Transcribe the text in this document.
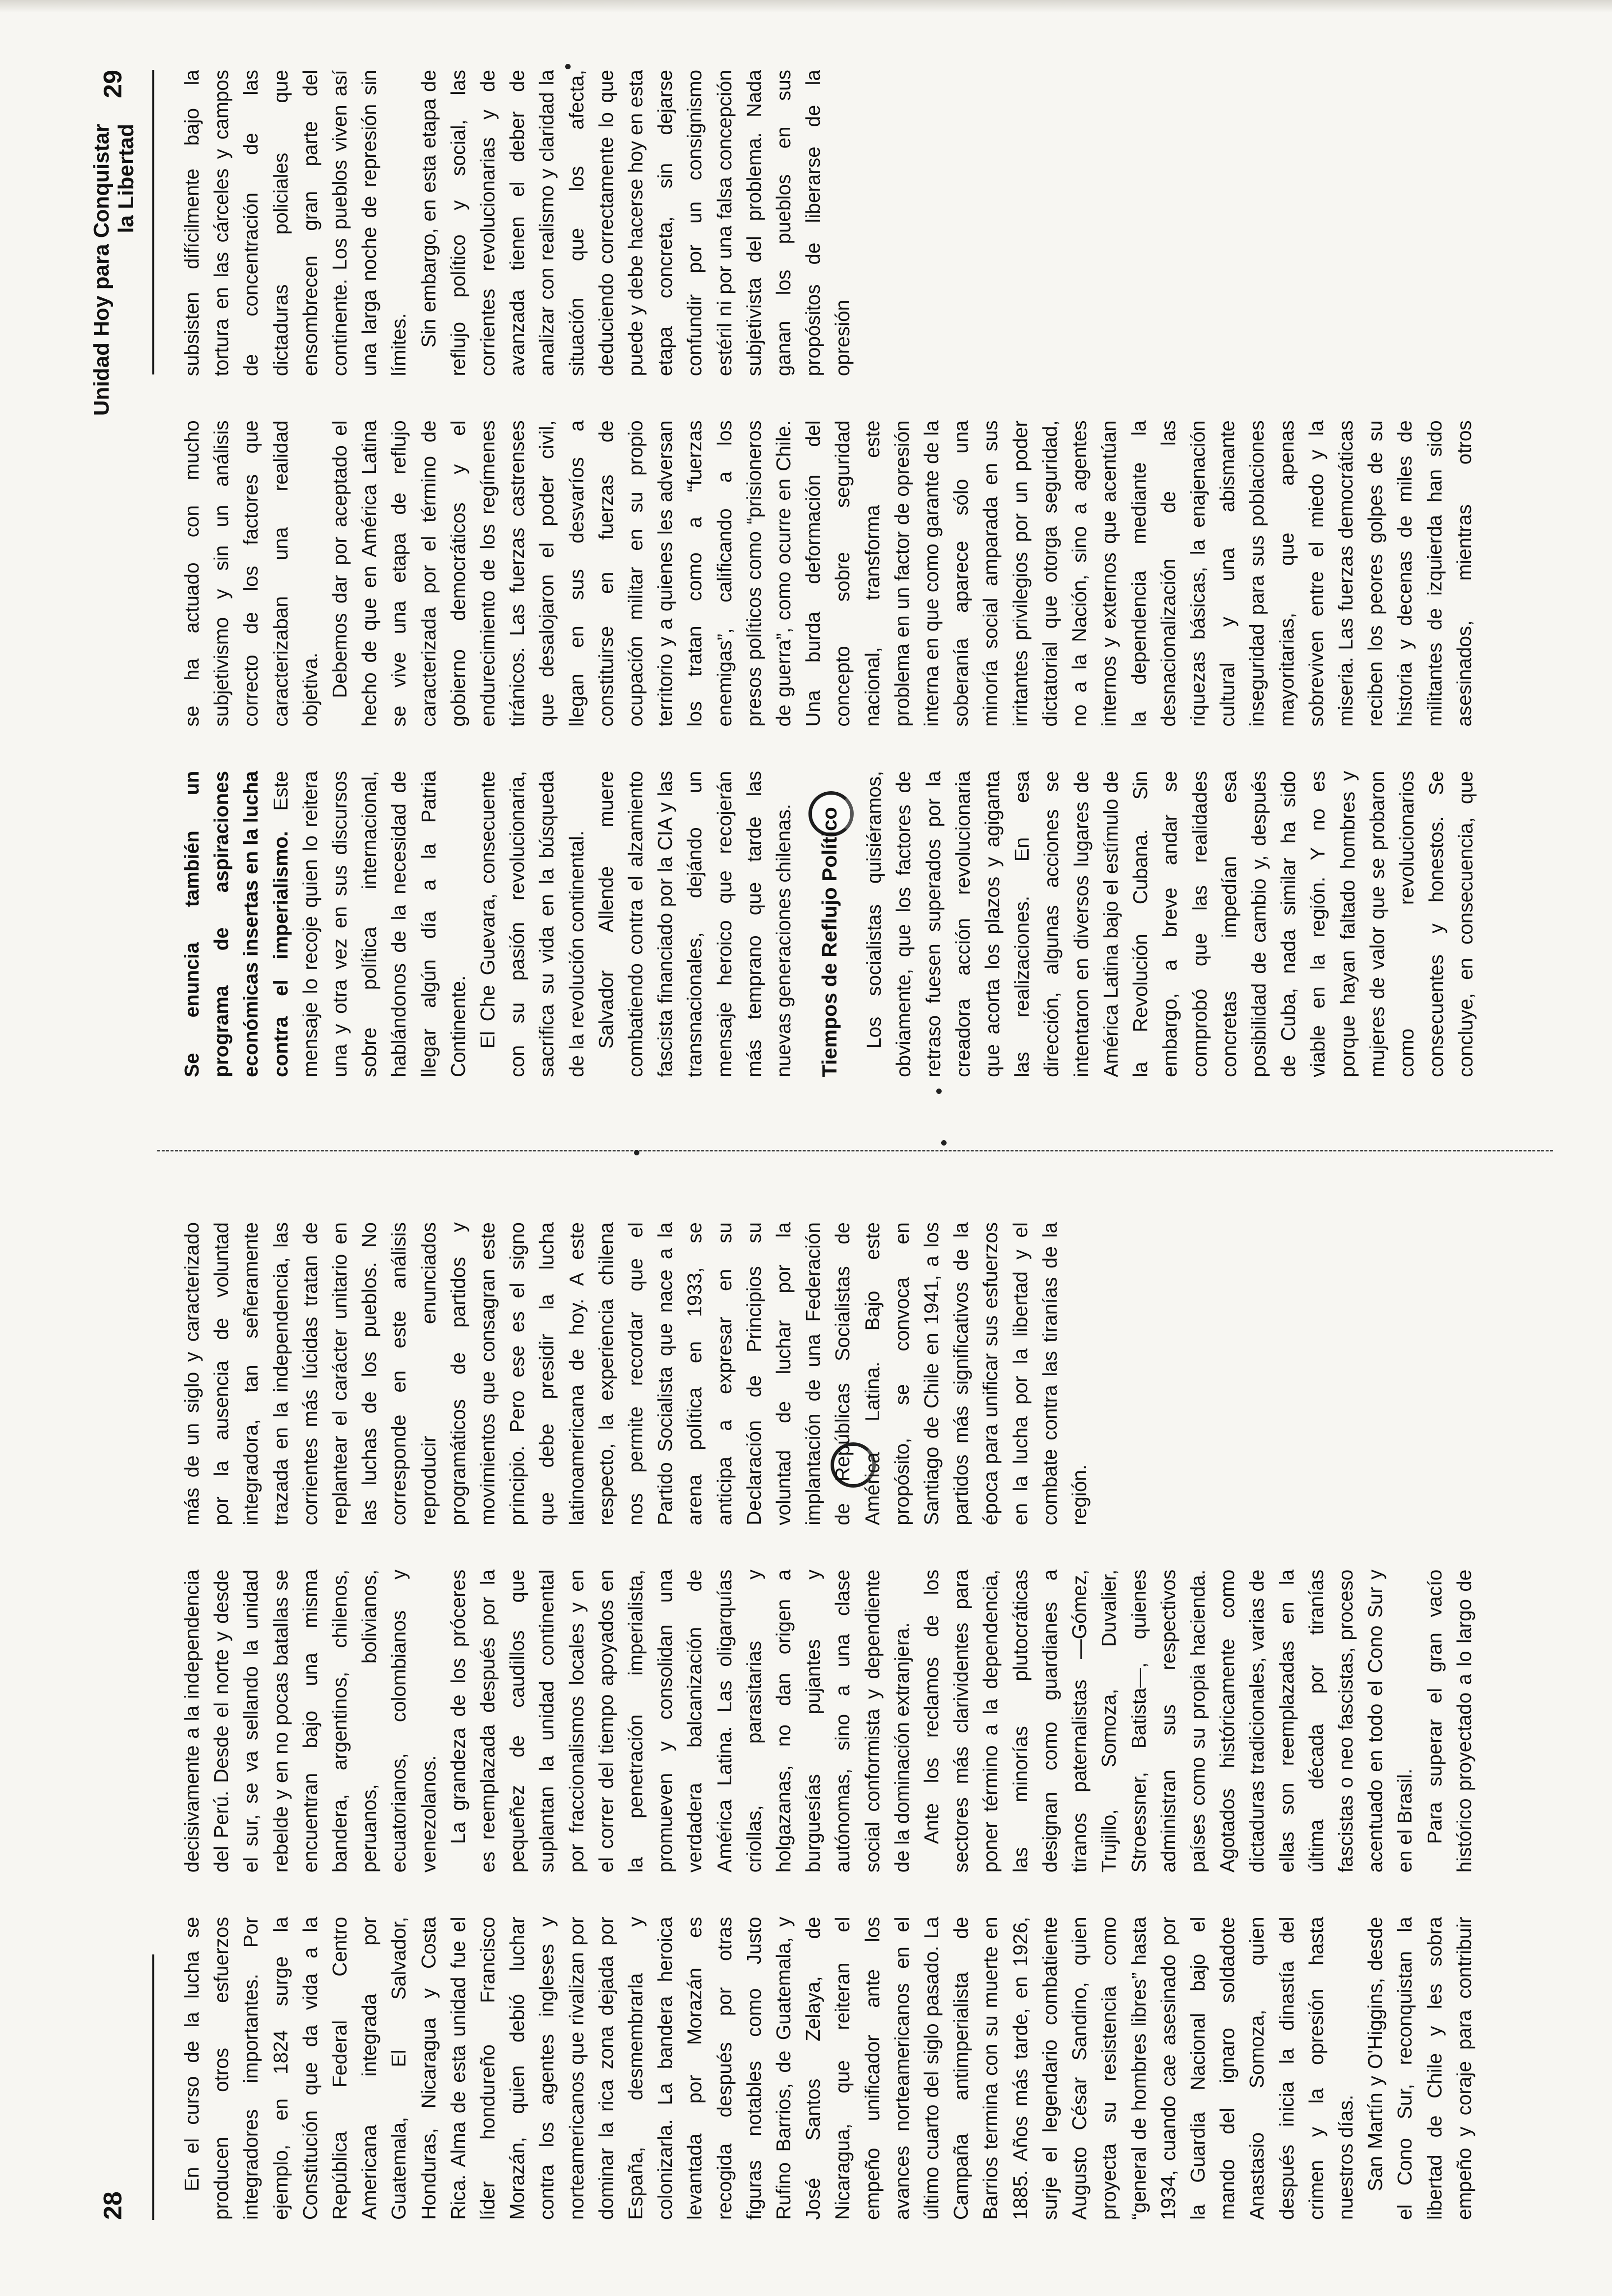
28

En el curso de la lucha se producen otros esfuerzos integradores importantes. Por ejemplo, en 1824 surge la Constitución que da vida a la República Federal Centro Americana integrada por Guatemala, El Salvador, Honduras, Nicaragua y Costa Rica. Alma de esta unidad fue el líder hondureño Francisco Morazán, quien debió luchar contra los agentes ingleses y norteamericanos que rivalizan por dominar la rica zona dejada por España, desmembrarla y colonizarla. La bandera heroica levantada por Morazán es recogida después por otras figuras notables como Justo Rufino Barrios, de Guatemala, y José Santos Zelaya, de Nicaragua, que reiteran el empeño unificador ante los avances norteamericanos en el último cuarto del siglo pasado. La Campaña antimperialista de Barrios termina con su muerte en 1885. Años más tarde, en 1926, surje el legendario combatiente Augusto César Sandino, quien proyecta su resistencia como “general de hombres libres” hasta 1934, cuando cae asesinado por la Guardia Nacional bajo el mando del ignaro soldadote Anastasio Somoza, quien después inicia la dinastía del crimen y la opresión hasta nuestros días. San Martín y O'Higgins, desde el Cono Sur, reconquistan la libertad de Chile y les sobra empeño y coraje para contribuir decisivamente a la independencia del Perú. Desde el norte y desde el sur, se va sellando la unidad rebelde y en no pocas batallas se encuentran bajo una misma bandera, argentinos, chilenos, peruanos, bolivianos, ecuatorianos, colombianos y venezolanos. La grandeza de los próceres es reemplazada después por la pequeñez de caudillos que suplantan la unidad continental por fraccionalismos locales y en el correr del tiempo apoyados en la penetración imperialista, promueven y consolidan una verdadera balcanización de América Latina. Las oligarquías criollas, parasitarias y holgazanas, no dan origen a burguesías pujantes y autónomas, sino a una clase social conformista y dependiente de la dominación extranjera. Ante los reclamos de los sectores más clarividentes para poner término a la dependencia, las minorías plutocráticas designan como guardianes a tiranos paternalistas —Gómez, Trujillo, Somoza, Duvalier, Stroessner, Batista—, quienes administran sus respectivos países como su propia hacienda. Agotados históricamente como dictaduras tradicionales, varias de ellas son reemplazadas en la última década por tiranías fascistas o neo fascistas, proceso acentuado en todo el Cono Sur y en el Brasil. Para superar el gran vacío histórico proyectado a lo largo de más de un siglo y caracterizado por la ausencia de voluntad integradora, tan señeramente trazada en la independencia, las corrientes más lúcidas tratan de replantear el carácter unitario en las luchas de los pueblos. No corresponde en este análisis reproducir enunciados programáticos de partidos y movimientos que consagran este principio. Pero ese es el signo que debe presidir la lucha latinoamericana de hoy. A este respecto, la experiencia chilena nos permite recordar que el Partido Socialista que nace a la arena política en 1933, se anticipa a expresar en su Declaración de Principios su voluntad de luchar por la implantación de una Federación de Repúblicas Socialistas de América Latina. Bajo este propósito, se convoca en Santiago de Chile en 1941, a los partidos más significativos de la época para unificar sus esfuerzos en la lucha por la libertad y el combate contra las tiranías de la región.

Unidad Hoy para Conquistar la Libertad
29

Se enuncia también un programa de aspiraciones económicas insertas en la lucha contra el imperialismo. Este mensaje lo recoje quien lo reitera una y otra vez en sus discursos sobre política internacional, hablándonos de la necesidad de llegar algún día a la Patria Continente. El Che Guevara, consecuente con su pasión revolucionaria, sacrifica su vida en la búsqueda de la revolución continental. Salvador Allende muere combatiendo contra el alzamiento fascista financiado por la CIA y las transnacionales, dejándo un mensaje heroico que recojerán más temprano que tarde las nuevas generaciones chilenas. Tiempos de Reflujo Político	Los socialistas quisiéramos, obviamente, que los factores de retraso fuesen superados por la creadora acción revolucionaria que acorta los plazos y agiganta las realizaciones. En esa dirección, algunas acciones se intentaron en diversos lugares de América Latina bajo el estímulo de la Revolución Cubana. Sin embargo, a breve andar se comprobó que las realidades concretas impedían esa posibilidad de cambio y, después de Cuba, nada similar ha sido viable en la región. Y no es porque hayan faltado hombres y mujeres de valor que se probaron como revolucionarios consecuentes y honestos. Se concluye, en consecuencia, que se ha actuado con mucho subjetivismo y sin un análisis correcto de los factores que caracterizaban una realidad objetiva. Debemos dar por aceptado el hecho de que en América Latina se vive una etapa de reflujo caracterizada por el término de gobierno democráticos y el endurecimiento de los regímenes tiránicos. Las fuerzas castrenses que desalojaron el poder civil, llegan en sus desvaríos a constituirse en fuerzas de ocupación militar en su propio territorio y a quienes les adversan los tratan como a “fuerzas enemigas”, calificando a los presos políticos como “prisioneros de guerra”, como ocurre en Chile. Una burda deformación del concepto sobre seguridad nacional, transforma este problema en un factor de opresión interna en que como garante de la soberanía aparece sólo una minoría social amparada en sus irritantes privilegios por un poder dictatorial que otorga seguridad, no a la Nación, sino a agentes internos y externos que acentúan la dependencia mediante la desnacionalización de las riquezas básicas, la enajenación cultural y una abismante inseguridad para sus poblaciones mayoritarias, que apenas sobreviven entre el miedo y la miseria. Las fuerzas democráticas reciben los peores golpes de su historia y decenas de miles de militantes de izquierda han sido asesinados, mientras otros subsisten difícilmente bajo la tortura en las cárceles y campos de concentración de las dictaduras policiales que ensombrecen gran parte del continente. Los pueblos viven así una larga noche de represión sin límites. Sin embargo, en esta etapa de reflujo político y social, las corrientes revolucionarias y de avanzada tienen el deber de analizar con realismo y claridad la situación que los afecta, deduciendo correctamente lo que puede y debe hacerse hoy en esta etapa concreta, sin dejarse confundir por un consignismo estéril ni por una falsa concepción subjetivista del problema. Nada ganan los pueblos en sus propósitos de liberarse de la opresión
